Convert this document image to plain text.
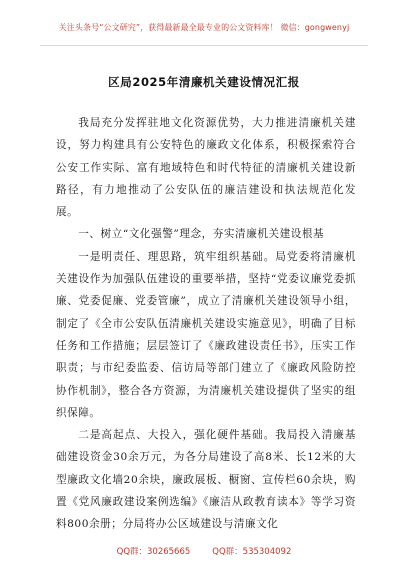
关注头条号“公文研究”，获得最新最全最专业的公文资料库！ 微信：gongwenyj
区局2025年清廉机关建设情况汇报

我局充分发挥驻地文化资源优势，大力推进清廉机关建设，努力构建具有公安特色的廉政文化体系，积极探索符合公安工作实际、富有地域特色和时代特征的清廉机关建设新路径，有力地推动了公安队伍的廉洁建设和执法规范化发展。

一、树立“文化强警”理念，夯实清廉机关建设根基

一是明责任、理思路，筑牢组织基础。局党委将清廉机关建设作为加强队伍建设的重要举措，坚持“党委议廉党委抓廉、党委促廉、党委管廉”，成立了清廉机关建设领导小组，制定了《全市公安队伍清廉机关建设实施意见》，明确了目标任务和工作措施；层层签订了《廉政建设责任书》，压实工作职责；与市纪委监委、信访局等部门建立了《廉政风险防控协作机制》，整合各方资源，为清廉机关建设提供了坚实的组织保障。

二是高起点、大投入，强化硬件基础。我局投入清廉基础建设资金30余万元，为各分局建设了高8米、长12米的大型廉政文化墙20余块，廉政展板、橱窗、宣传栏60余块，购置《党风廉政建设案例选编》《廉洁从政教育读本》等学习资料800余册；分局将办公区域建设与清廉文化

QQ群：30265665	QQ群：535304092
